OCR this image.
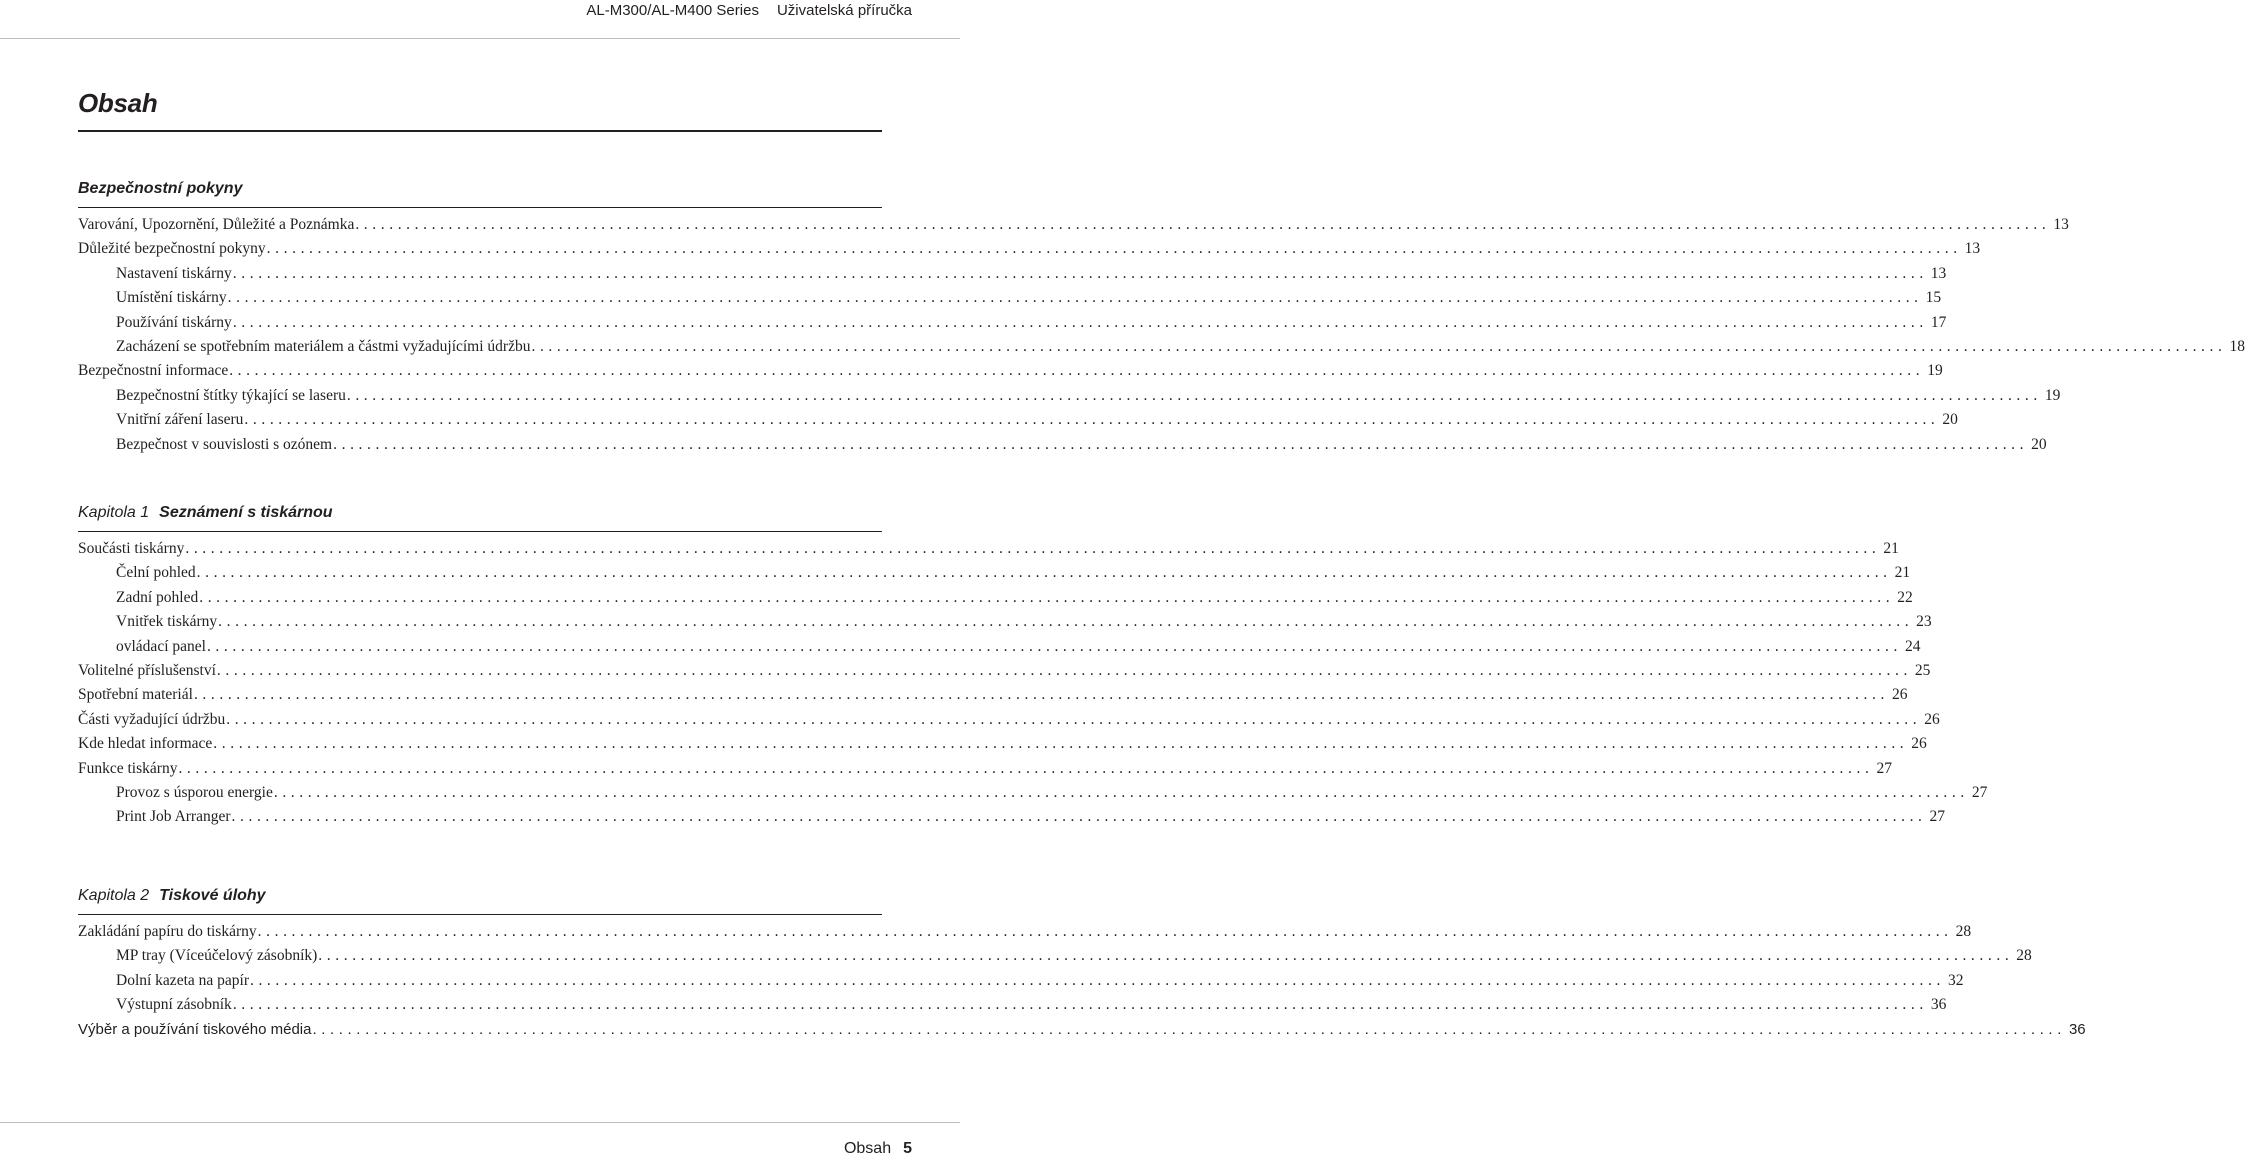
AL-M300/AL-M400 Series Uživatelská příručka
Obsah
Bezpečnostní pokyny
Varování, Upozornění, Důležité a Poznámka ........................................................................................................................................................................................................ 13
Důležité bezpečnostní pokyny ........................................................................................................................................................................................................ 13
Nastavení tiskárny ........................................................................................................................................................................................................ 13
Umístění tiskárny ........................................................................................................................................................................................................ 15
Používání tiskárny ........................................................................................................................................................................................................ 17
Zacházení se spotřebním materiálem a částmi vyžadujícími údržbu ........................................................................................................................................................................................................ 18
Bezpečnostní informace ........................................................................................................................................................................................................ 19
Bezpečnostní štítky týkající se laseru ........................................................................................................................................................................................................ 19
Vnitřní záření laseru ........................................................................................................................................................................................................ 20
Bezpečnost v souvislosti s ozónem ........................................................................................................................................................................................................ 20
Kapitola 1 Seznámení s tiskárnou
Součásti tiskárny ........................................................................................................................................................................................................ 21
Čelní pohled ........................................................................................................................................................................................................ 21
Zadní pohled ........................................................................................................................................................................................................ 22
Vnitřek tiskárny ........................................................................................................................................................................................................ 23
ovládací panel ........................................................................................................................................................................................................ 24
Volitelné příslušenství ........................................................................................................................................................................................................ 25
Spotřební materiál ........................................................................................................................................................................................................ 26
Části vyžadující údržbu ........................................................................................................................................................................................................ 26
Kde hledat informace ........................................................................................................................................................................................................ 26
Funkce tiskárny ........................................................................................................................................................................................................ 27
Provoz s úsporou energie ........................................................................................................................................................................................................ 27
Print Job Arranger ........................................................................................................................................................................................................ 27
Kapitola 2 Tiskové úlohy
Zakládání papíru do tiskárny ........................................................................................................................................................................................................ 28
MP tray (Víceúčelový zásobník) ........................................................................................................................................................................................................ 28
Dolní kazeta na papír ........................................................................................................................................................................................................ 32
Výstupní zásobník ........................................................................................................................................................................................................ 36
Výběr a používání tiskového média ........................................................................................................................................................................................................ 36
Obsah 5
